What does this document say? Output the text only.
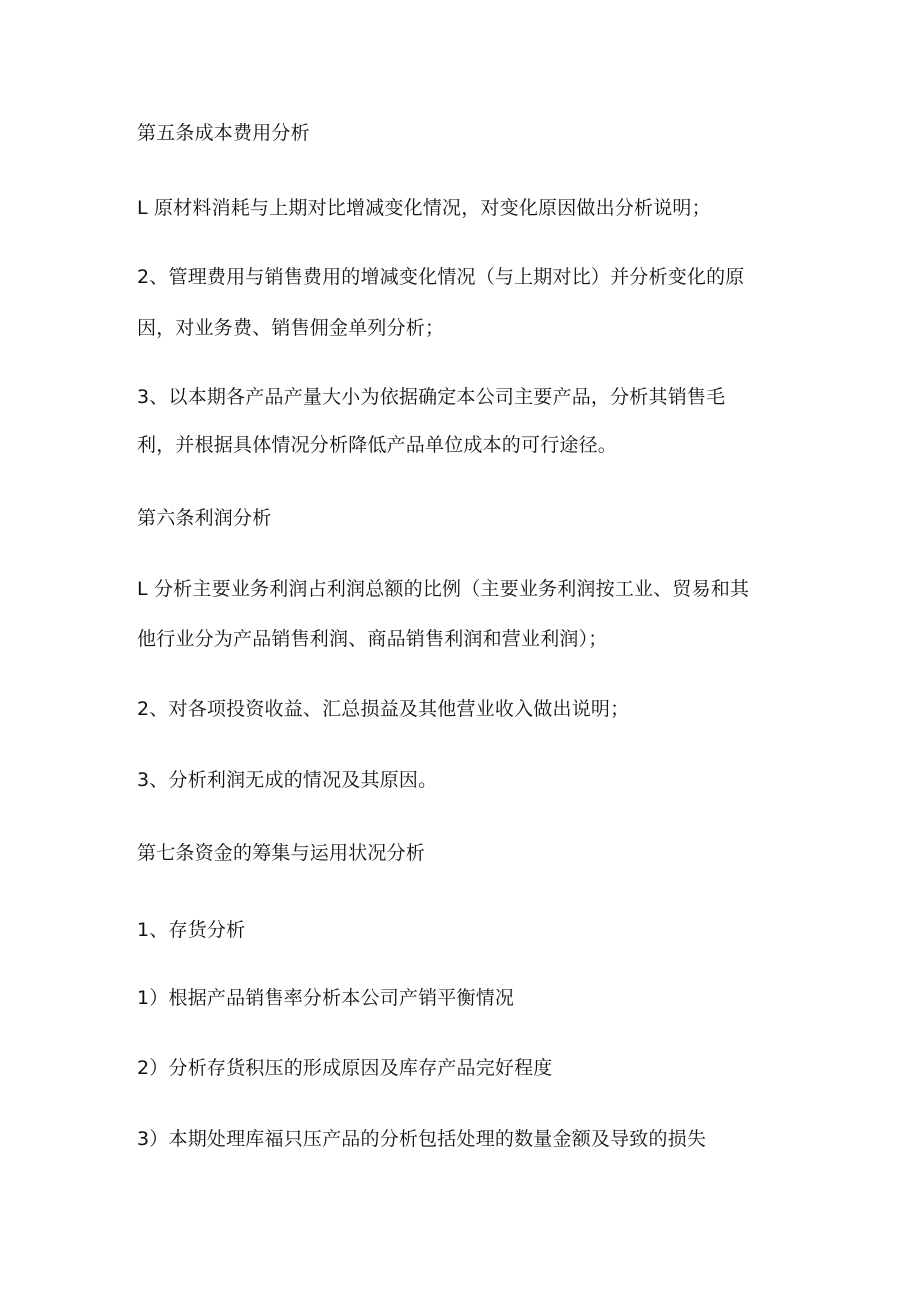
第五条成本费用分析
L 原材料消耗与上期对比增减变化情况，对变化原因做出分析说明；
2、管理费用与销售费用的增减变化情况（与上期对比）并分析变化的原
因，对业务费、销售佣金单列分析；
3、以本期各产品产量大小为依据确定本公司主要产品，分析其销售毛
利，并根据具体情况分析降低产品单位成本的可行途径。
第六条利润分析
L 分析主要业务利润占利润总额的比例（主要业务利润按工业、贸易和其
他行业分为产品销售利润、商品销售利润和营业利润）；
2、对各项投资收益、汇总损益及其他营业收入做出说明；
3、分析利润无成的情况及其原因。
第七条资金的筹集与运用状况分析
1、存货分析
1）根据产品销售率分析本公司产销平衡情况
2）分析存货积压的形成原因及库存产品完好程度
3）本期处理库福只压产品的分析包括处理的数量金额及导致的损失
